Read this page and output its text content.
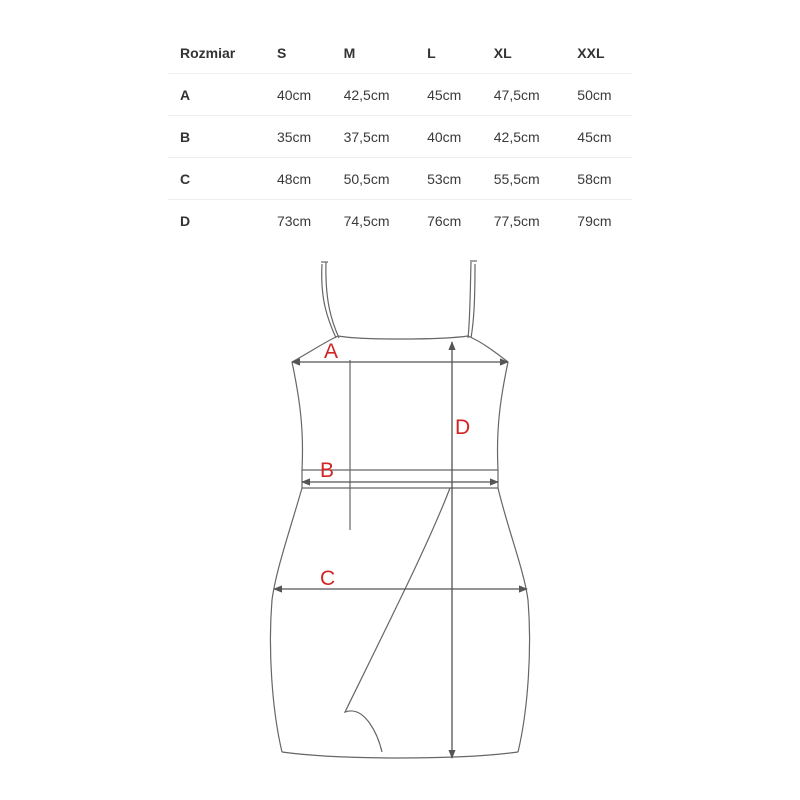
Rozmiar	S	M	L	XL	XXL
A	40cm	42,5cm	45cm	47,5cm	50cm
B	35cm	37,5cm	40cm	42,5cm	45cm
C	48cm	50,5cm	53cm	55,5cm	58cm
D	73cm	74,5cm	76cm	77,5cm	79cm
A
B
C
D
